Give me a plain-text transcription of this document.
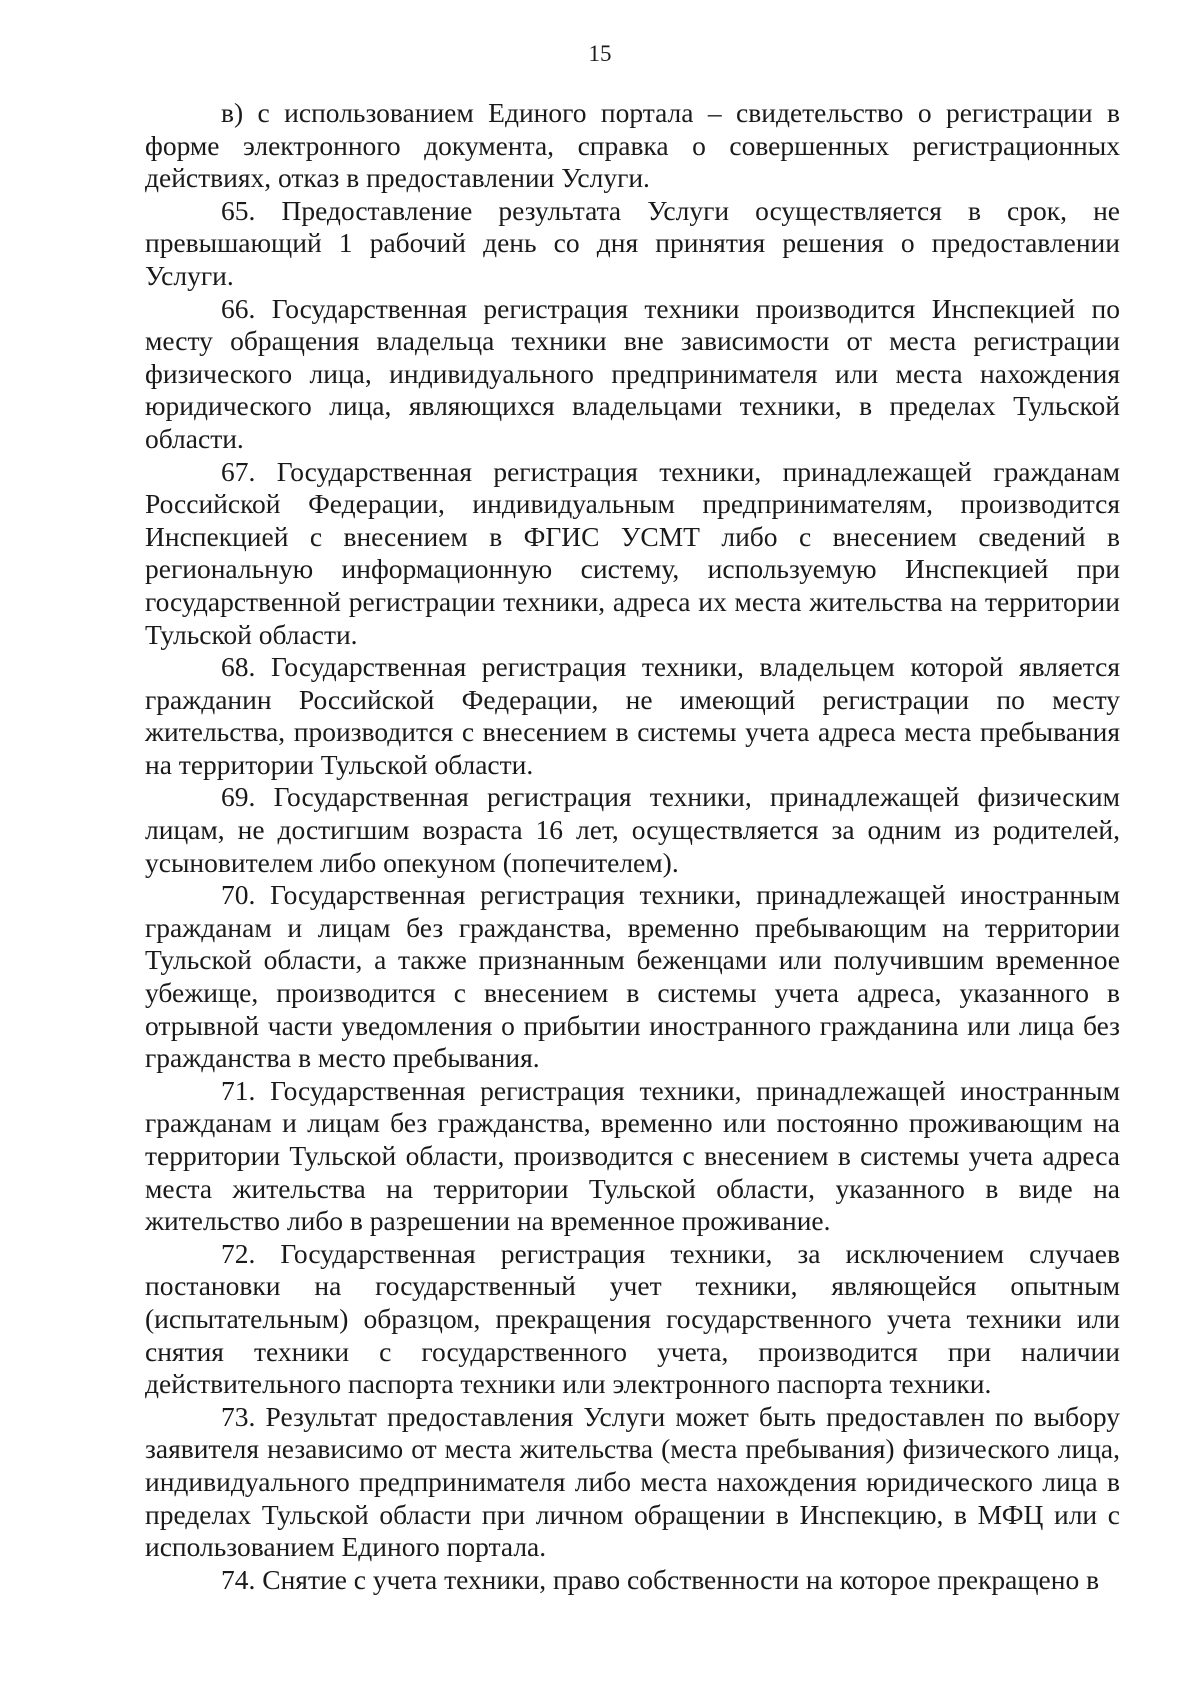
15

в) с использованием Единого портала – свидетельство о регистрации в форме электронного документа, справка о совершенных регистрационных действиях, отказ в предоставлении Услуги.

65. Предоставление результата Услуги осуществляется в срок, не превышающий 1 рабочий день со дня принятия решения о предоставлении Услуги.

66. Государственная регистрация техники производится Инспекцией по месту обращения владельца техники вне зависимости от места регистрации физического лица, индивидуального предпринимателя или места нахождения юридического лица, являющихся владельцами техники, в пределах Тульской области.

67. Государственная регистрация техники, принадлежащей гражданам Российской Федерации, индивидуальным предпринимателям, производится Инспекцией с внесением в ФГИС УСМТ либо с внесением сведений в региональную информационную систему, используемую Инспекцией при государственной регистрации техники, адреса их места жительства на территории Тульской области.

68. Государственная регистрация техники, владельцем которой является гражданин Российской Федерации, не имеющий регистрации по месту жительства, производится с внесением в системы учета адреса места пребывания на территории Тульской области.

69. Государственная регистрация техники, принадлежащей физическим лицам, не достигшим возраста 16 лет, осуществляется за одним из родителей, усыновителем либо опекуном (попечителем).

70. Государственная регистрация техники, принадлежащей иностранным гражданам и лицам без гражданства, временно пребывающим на территории Тульской области, а также признанным беженцами или получившим временное убежище, производится с внесением в системы учета адреса, указанного в отрывной части уведомления о прибытии иностранного гражданина или лица без гражданства в место пребывания.

71. Государственная регистрация техники, принадлежащей иностранным гражданам и лицам без гражданства, временно или постоянно проживающим на территории Тульской области, производится с внесением в системы учета адреса места жительства на территории Тульской области, указанного в виде на жительство либо в разрешении на временное проживание.

72. Государственная регистрация техники, за исключением случаев постановки на государственный учет техники, являющейся опытным (испытательным) образцом, прекращения государственного учета техники или снятия техники с государственного учета, производится при наличии действительного паспорта техники или электронного паспорта техники.

73. Результат предоставления Услуги может быть предоставлен по выбору заявителя независимо от места жительства (места пребывания) физического лица, индивидуального предпринимателя либо места нахождения юридического лица в пределах Тульской области при личном обращении в Инспекцию, в МФЦ или с использованием Единого портала.

74. Снятие с учета техники, право собственности на которое прекращено в
